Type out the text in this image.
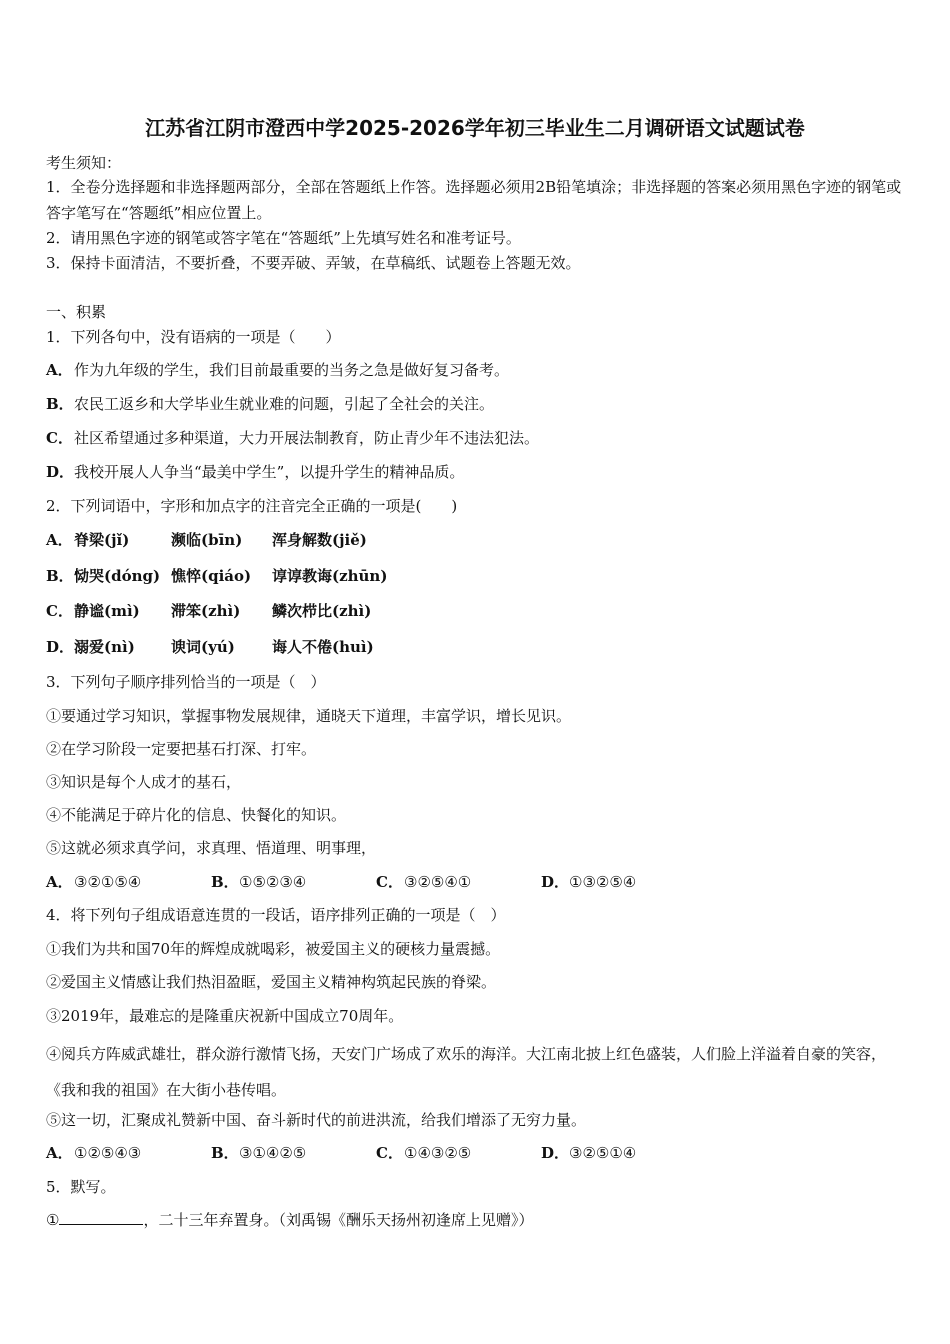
江苏省江阴市澄西中学2025-2026学年初三毕业生二月调研语文试题试卷
考生须知：
1．全卷分选择题和非选择题两部分，全部在答题纸上作答。选择题必须用2B铅笔填涂；非选择题的答案必须用黑色字迹的钢笔或答字笔写在“答题纸”相应位置上。
2．请用黑色字迹的钢笔或答字笔在“答题纸”上先填写姓名和准考证号。
3．保持卡面清洁，不要折叠，不要弄破、弄皱，在草稿纸、试题卷上答题无效。
一、积累
1．下列各句中，没有语病的一项是（　　）
A．作为九年级的学生，我们目前最重要的当务之急是做好复习备考。
B．农民工返乡和大学毕业生就业难的问题，引起了全社会的关注。
C．社区希望通过多种渠道，大力开展法制教育，防止青少年不违法犯法。
D．我校开展人人争当“最美中学生”，以提升学生的精神品质。
2．下列词语中，字形和加点字的注音完全正确的一项是(　　)
A．脊梁(jǐ)	濒临(bīn) 浑身解数(jiě)
B．恸哭(dóng) 憔悴(qiáo) 谆谆教诲(zhūn)
C．静谧(mì) 滞笨(zhì) 鳞次栉比(zhì)
D．溺爱(nì) 谀词(yú) 诲人不倦(huì)
3．下列句子顺序排列恰当的一项是（　）
①要通过学习知识，掌握事物发展规律，通晓天下道理，丰富学识，增长见识。
②在学习阶段一定要把基石打深、打牢。
③知识是每个人成才的基石，
④不能满足于碎片化的信息、快餐化的知识。
⑤这就必须求真学问，求真理、悟道理、明事理，
A．③②①⑤④	B．①⑤②③④	C．③②⑤④①	D．①③②⑤④
4．将下列句子组成语意连贯的一段话，语序排列正确的一项是（　）
①我们为共和国70年的辉煌成就喝彩，被爱国主义的硬核力量震撼。
②爱国主义情感让我们热泪盈眶，爱国主义精神构筑起民族的脊梁。
③2019年，最难忘的是隆重庆祝新中国成立70周年。
④阅兵方阵威武雄壮，群众游行激情飞扬，天安门广场成了欢乐的海洋。大江南北披上红色盛装，人们脸上洋溢着自豪的笑容，《我和我的祖国》在大街小巷传唱。
⑤这一切，汇聚成礼赞新中国、奋斗新时代的前进洪流，给我们增添了无穷力量。
A．①②⑤④③	B．③①④②⑤	C．①④③②⑤	D．③②⑤①④
5．默写。
①	，二十三年弃置身。（刘禹锡《酬乐天扬州初逢席上见赠》）
